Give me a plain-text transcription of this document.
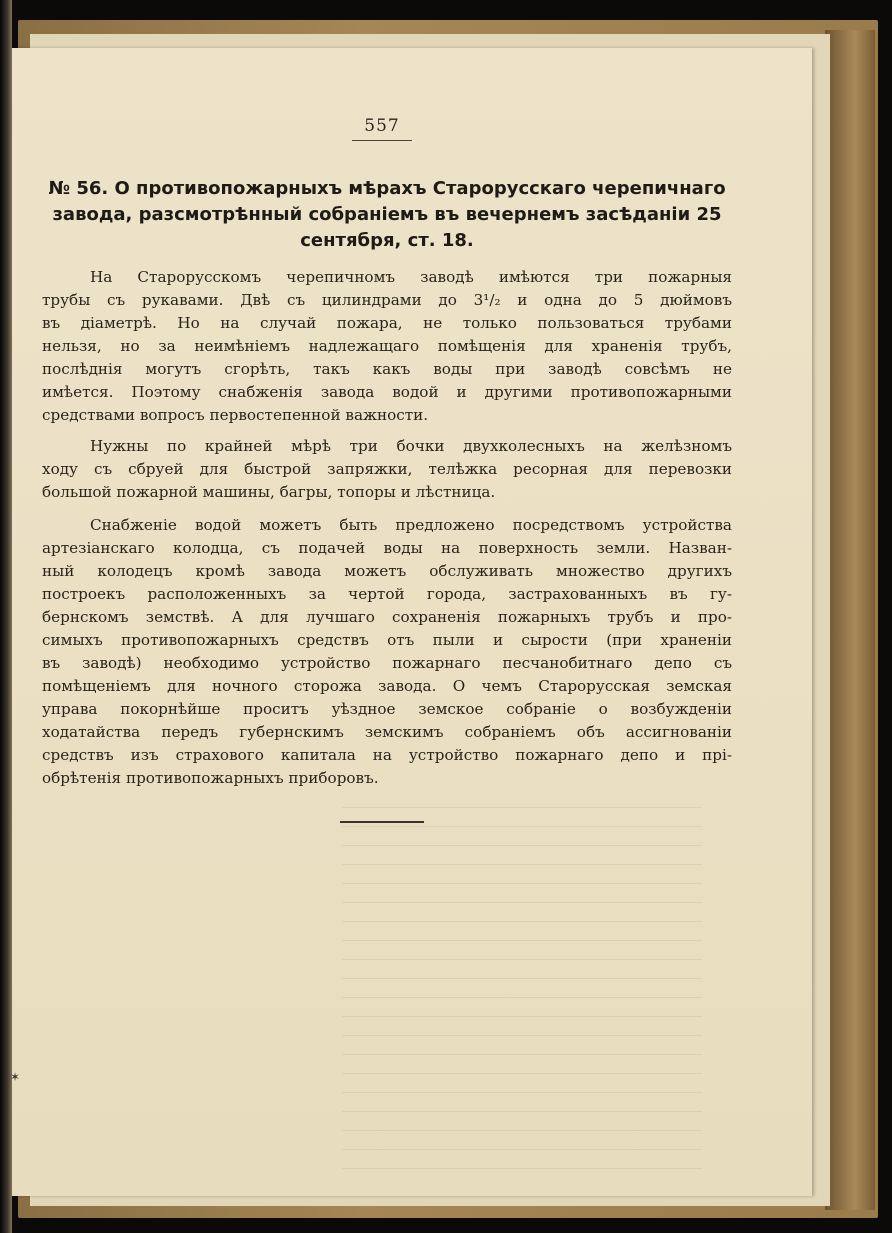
557
№ 56. О противопожарныхъ мѣрахъ Старорусскаго черепичнаго
завода, разсмотрѣнный собраніемъ въ вечернемъ засѣданіи 25
сентября, ст. 18.
На Старорусскомъ черепичномъ заводѣ имѣются три пожарныя
трубы съ рукавами. Двѣ съ цилиндрами до 3¹/₂ и одна до 5 дюймовъ
въ діаметрѣ. Но на случай пожара, не только пользоваться трубами
нельзя, но за неимѣніемъ надлежащаго помѣщенія для храненія трубъ,
послѣднія могутъ сгорѣть, такъ какъ воды при заводѣ совсѣмъ не
имѣется. Поэтому снабженія завода водой и другими противопожарными
средствами вопросъ первостепенной важности.
Нужны по крайней мѣрѣ три бочки двухколесныхъ на желѣзномъ
ходу съ сбруей для быстрой запряжки, телѣжка ресорная для перевозки
большой пожарной машины, багры, топоры и лѣстница.
Снабженіе водой можетъ быть предложено посредствомъ устройства
артезіанскаго колодца, съ подачей воды на поверхность земли. Назван-
ный колодецъ кромѣ завода можетъ обслуживать множество другихъ
построекъ расположенныхъ за чертой города, застрахованныхъ въ гу-
бернскомъ земствѣ. А для лучшаго сохраненія пожарныхъ трубъ и про-
симыхъ противопожарныхъ средствъ отъ пыли и сырости (при храненіи
въ заводѣ) необходимо устройство пожарнаго песчанобитнаго депо съ
помѣщеніемъ для ночного сторожа завода. О чемъ Старорусская земская
управа покорнѣйше проситъ уѣздное земское собраніе о возбужденіи
ходатайства передъ губернскимъ земскимъ собраніемъ объ ассигнованіи
средствъ изъ страхового капитала на устройство пожарнаго депо и прі-
обрѣтенія противопожарныхъ приборовъ.
✶
